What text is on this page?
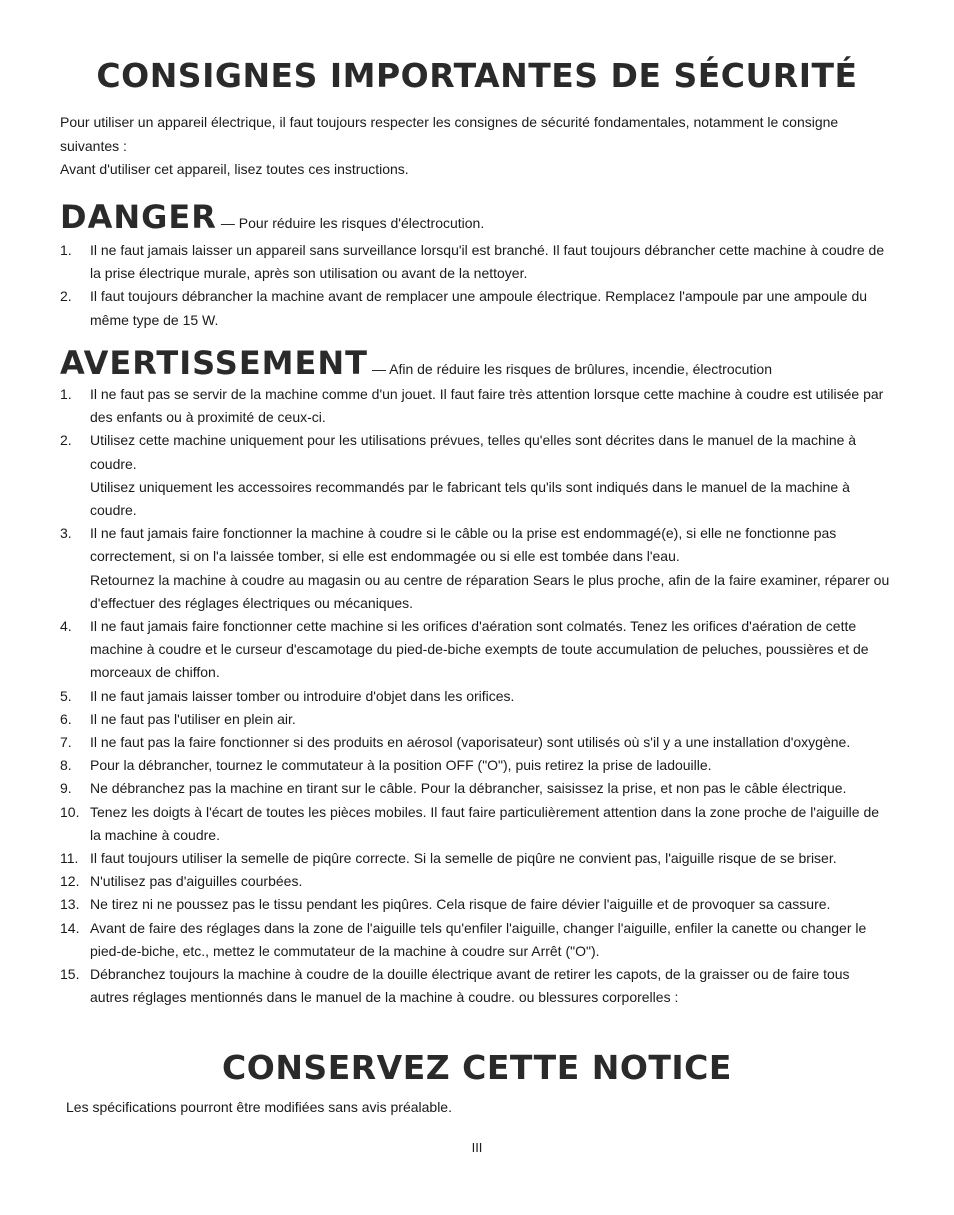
CONSIGNES IMPORTANTES DE SÉCURITÉ

Pour utiliser un appareil électrique, il faut toujours respecter les consignes de sécurité fondamentales, notamment le consigne suivantes :

Avant d'utiliser cet appareil, lisez toutes ces instructions.

DANGER — Pour réduire les risques d'électrocution.
1.	Il ne faut jamais laisser un appareil sans surveillance lorsqu'il est branché. Il faut toujours débrancher cette machine à coudre de la prise électrique murale, après son utilisation ou avant de la nettoyer.
2.	Il faut toujours débrancher la machine avant de remplacer une ampoule électrique. Remplacez l'ampoule par une ampoule du même type de 15 W.
AVERTISSEMENT — Afin de réduire les risques de brûlures, incendie, électrocution
1.	Il ne faut pas se servir de la machine comme d'un jouet. Il faut faire très attention lorsque cette machine à coudre est utilisée par des enfants ou à proximité de ceux-ci.
2.	Utilisez cette machine uniquement pour les utilisations prévues, telles qu'elles sont décrites dans le manuel de la machine à coudre.
Utilisez uniquement les accessoires recommandés par le fabricant tels qu'ils sont indiqués dans le manuel de la machine à coudre.
3.	Il ne faut jamais faire fonctionner la machine à coudre si le câble ou la prise est endommagé(e), si elle ne fonctionne pas correctement, si on l'a laissée tomber, si elle est endommagée ou si elle est tombée dans l'eau.
Retournez la machine à coudre au magasin ou au centre de réparation Sears le plus proche, afin de la faire examiner, réparer ou d'effectuer des réglages électriques ou mécaniques.
4.	Il ne faut jamais faire fonctionner cette machine si les orifices d'aération sont colmatés. Tenez les orifices d'aération de cette machine à coudre et le curseur d'escamotage du pied-de-biche exempts de toute accumulation de peluches, poussières et de morceaux de chiffon.
5.	Il ne faut jamais laisser tomber ou introduire d'objet dans les orifices.
6.	Il ne faut pas l'utiliser en plein air.
7.	Il ne faut pas la faire fonctionner si des produits en aérosol (vaporisateur) sont utilisés où s'il y a une installation d'oxygène.
8.	Pour la débrancher, tournez le commutateur à la position OFF ("O"), puis retirez la prise de ladouille.
9.	Ne débranchez pas la machine en tirant sur le câble. Pour la débrancher, saisissez la prise, et non pas le câble électrique.
10. Tenez les doigts à l'écart de toutes les pièces mobiles. Il faut faire particulièrement attention dans la zone proche de l'aiguille de la machine à coudre.
11. Il faut toujours utiliser la semelle de piqûre correcte. Si la semelle de piqûre ne convient pas, l'aiguille risque de se briser.
12. N'utilisez pas d'aiguilles courbées.
13. Ne tirez ni ne poussez pas le tissu pendant les piqûres. Cela risque de faire dévier l'aiguille et de provoquer sa cassure.
14. Avant de faire des réglages dans la zone de l'aiguille tels qu'enfiler l'aiguille, changer l'aiguille, enfiler la canette ou changer le pied-de-biche, etc., mettez le commutateur de la machine à coudre sur Arrêt ("O").
15. Débranchez toujours la machine à coudre de la douille électrique avant de retirer les capots, de la graisser ou de faire tous autres réglages mentionnés dans le manuel de la machine à coudre. ou blessures corporelles :
CONSERVEZ CETTE NOTICE
Les spécifications pourront être modifiées sans avis préalable.
III
